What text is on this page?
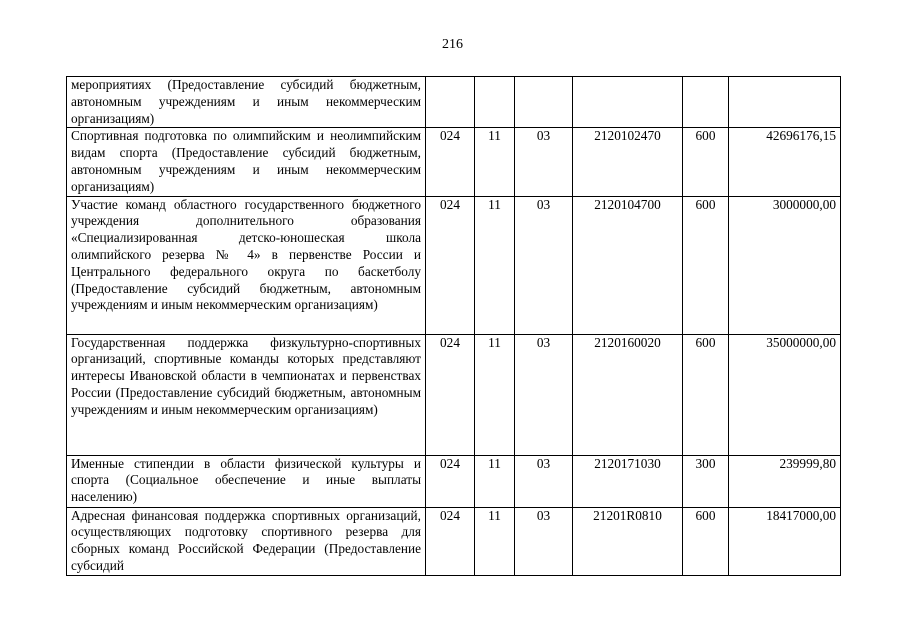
216
мероприятиях (Предоставление субсидий бюджетным, автономным учреждениям и иным некоммерческим организациям)						
Спортивная подготовка по олимпийским и неолимпийским видам спорта (Предоставление субсидий бюджетным, автономным учреждениям и иным некоммерческим организациям)	024	11	03	2120102470	600	42696176,15
Участие команд областного государственного бюджетного учреждения дополнительного образования «Специализированная детско-юношеская школа олимпийского резерва № 4» в первенстве России и Центрального федерального округа по баскетболу (Предоставление субсидий бюджетным, автономным учреждениям и иным некоммерческим организациям)	024	11	03	2120104700	600	3000000,00
Государственная поддержка физкультурно-спортивных организаций, спортивные команды которых представляют интересы Ивановской области в чемпионатах и первенствах России (Предоставление субсидий бюджетным, автономным учреждениям и иным некоммерческим организациям)	024	11	03	2120160020	600	35000000,00
Именные стипендии в области физической культуры и спорта (Социальное обеспечение и иные выплаты населению)	024	11	03	2120171030	300	239999,80
Адресная финансовая поддержка спортивных организаций, осуществляющих подготовку спортивного резерва для сборных команд Российской Федерации (Предоставление субсидий	024	11	03	21201R0810	600	18417000,00
